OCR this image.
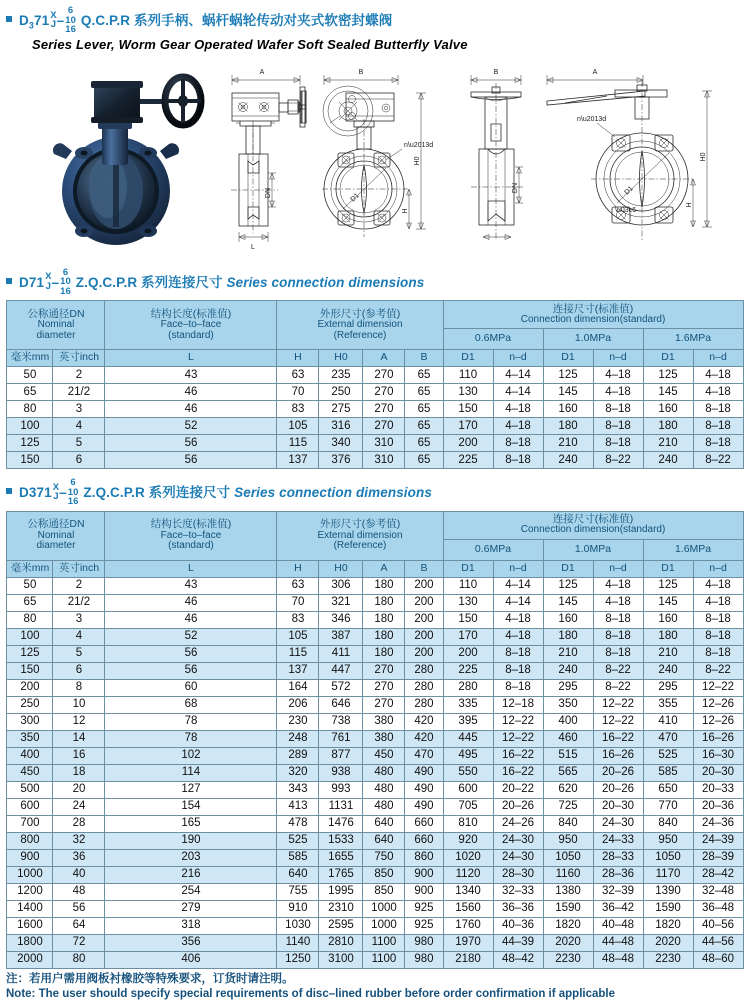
$D_371$ X
J –
6
10
16
Q.C.P.R 系列手柄、蜗杆蜗轮传动对夹式软密封蝶阀
Series Lever, Worm Gear Operated Wafer Soft Sealed Butterfly Valve
A
DN
L
B
D1
n\u2013d
H0
H
B
DN
A
D1
\u03c6
n\u2013d
H0
H
D71 X
J –
6
10
16
Z.Q.C.P.R 系列连接尺寸 Series connection dimensions
公称通径DN
Nominal
diameter		结构长度(标准值)
Face–to–face
(standard)	外形尺寸(参考值)
External dimension
(Reference)				连接尺寸(标准值)
Connection dimension(standard)					

							0.6MPa		1.0MPa		1.6MPa	
毫米mm	英寸inch	L	H	H0	A	B	D1	n–d	D1	n–d	D1	n–d
50	2	43	63	235	270	65	110	4–14	125	4–18	125	4–18
65	21/2	46	70	250	270	65	130	4–14	145	4–18	145	4–18
80	3	46	83	275	270	65	150	4–18	160	8–18	160	8–18
100	4	52	105	316	270	65	170	4–18	180	8–18	180	8–18
125	5	56	115	340	310	65	200	8–18	210	8–18	210	8–18
150	6	56	137	376	310	65	225	8–18	240	8–22	240	8–22
D371 X
J –
6
10
16
Z.Q.C.P.R 系列连接尺寸 Series connection dimensions
公称通径DN
Nominal
diameter		结构长度(标准值)
Face–to–face
(standard)	外形尺寸(参考值)
External dimension
(Reference)				连接尺寸(标准值)
Connection dimension(standard)					

							0.6MPa		1.0MPa		1.6MPa	
毫米mm	英寸inch	L	H	H0	A	B	D1	n–d	D1	n–d	D1	n–d
50	2	43	63	306	180	200	110	4–14	125	4–18	125	4–18
65	21/2	46	70	321	180	200	130	4–14	145	4–18	145	4–18
80	3	46	83	346	180	200	150	4–18	160	8–18	160	8–18
100	4	52	105	387	180	200	170	4–18	180	8–18	180	8–18
125	5	56	115	411	180	200	200	8–18	210	8–18	210	8–18
150	6	56	137	447	270	280	225	8–18	240	8–22	240	8–22
200	8	60	164	572	270	280	280	8–18	295	8–22	295	12–22
250	10	68	206	646	270	280	335	12–18	350	12–22	355	12–26
300	12	78	230	738	380	420	395	12–22	400	12–22	410	12–26
350	14	78	248	761	380	420	445	12–22	460	16–22	470	16–26
400	16	102	289	877	450	470	495	16–22	515	16–26	525	16–30
450	18	114	320	938	480	490	550	16–22	565	20–26	585	20–30
500	20	127	343	993	480	490	600	20–22	620	20–26	650	20–33
600	24	154	413	1131	480	490	705	20–26	725	20–30	770	20–36
700	28	165	478	1476	640	660	810	24–26	840	24–30	840	24–36
800	32	190	525	1533	640	660	920	24–30	950	24–33	950	24–39
900	36	203	585	1655	750	860	1020	24–30	1050	28–33	1050	28–39
1000	40	216	640	1765	850	900	1120	28–30	1160	28–36	1170	28–42
1200	48	254	755	1995	850	900	1340	32–33	1380	32–39	1390	32–48
1400	56	279	910	2310	1000	925	1560	36–36	1590	36–42	1590	36–48
1600	64	318	1030	2595	1000	925	1760	40–36	1820	40–48	1820	40–56
1800	72	356	1140	2810	1100	980	1970	44–39	2020	44–48	2020	44–56
2000	80	406	1250	3100	1100	980	2180	48–42	2230	48–48	2230	48–60
注：若用户需用阀板衬橡胶等特殊要求，订货时请注明。
Note: The user should specify special requirements of disc–lined rubber before order confirmation if applicable
